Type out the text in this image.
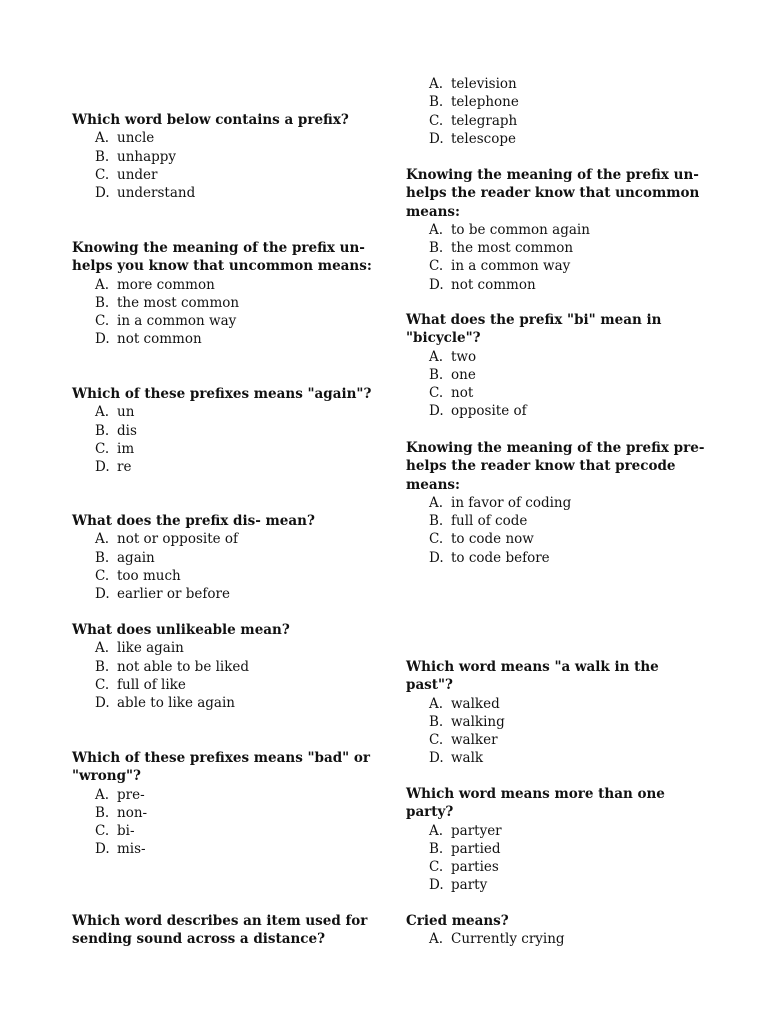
Which word below contains a prefix?

A. uncle
B. unhappy
C. under
D. understand

Knowing the meaning of the prefix un-
helps you know that uncommon means:

A. more common
B. the most common
C. in a common way
D. not common

Which of these prefixes means "again"?

A. un
B. dis
C. im
D. re

What does the prefix dis- mean?

A. not or opposite of
B. again
C. too much
D. earlier or before

What does unlikeable mean?

A. like again
B. not able to be liked
C. full of like
D. able to like again

Which of these prefixes means "bad" or
"wrong"?

A. pre-
B. non-
C. bi-
D. mis-

Which word describes an item used for
sending sound across a distance?

A. television
B. telephone
C. telegraph
D. telescope

Knowing the meaning of the prefix un-
helps the reader know that uncommon
means:

A. to be common again
B. the most common
C. in a common way
D. not common

What does the prefix "bi" mean in
"bicycle"?

A. two
B. one
C. not
D. opposite of

Knowing the meaning of the prefix pre-
helps the reader know that precode
means:

A. in favor of coding
B. full of code
C. to code now
D. to code before

Which word means "a walk in the past"?

A. walked
B. walking
C. walker
D. walk

Which word means more than one party?

A. partyer
B. partied
C. parties
D. party

Cried means?

A. Currently crying
